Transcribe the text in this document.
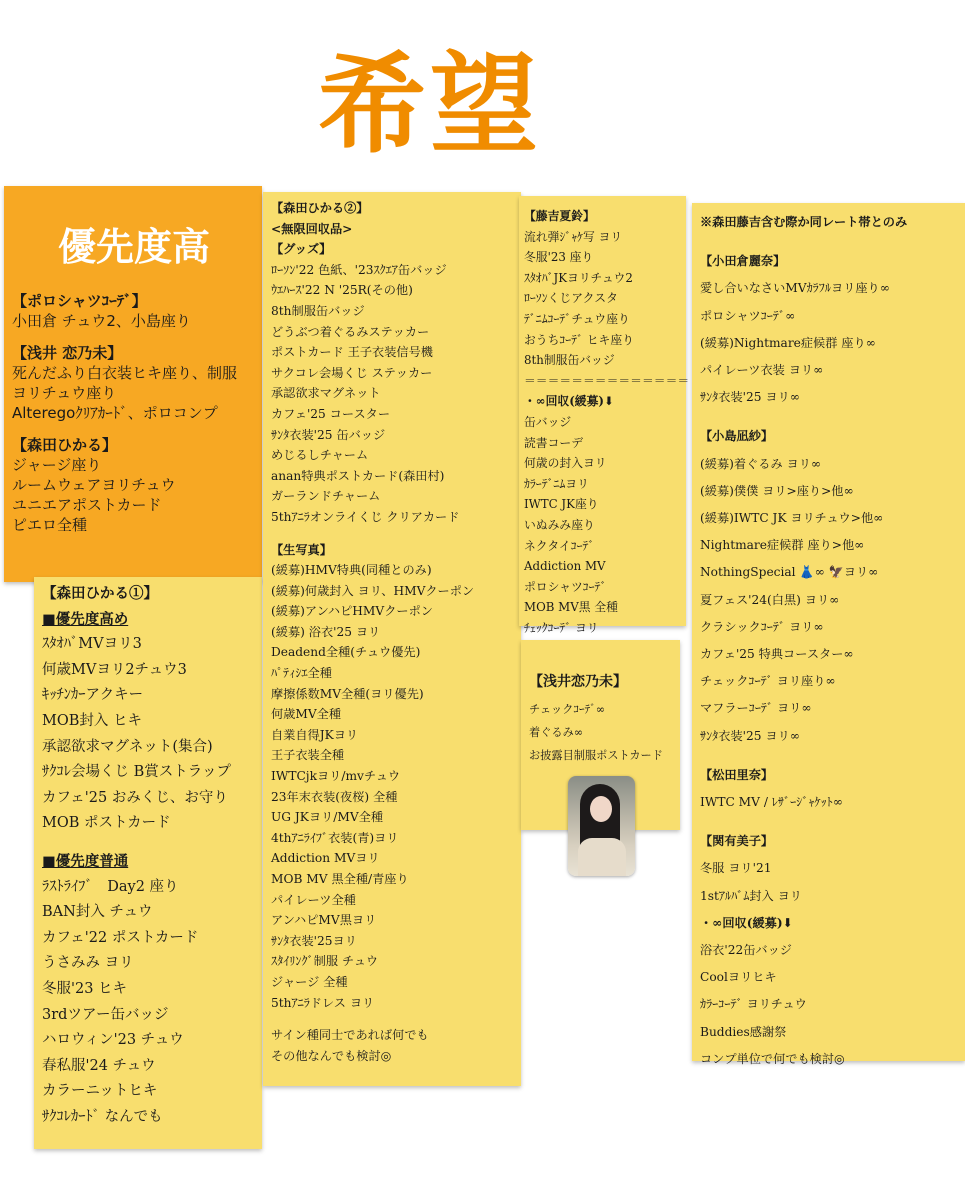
希望
優先度高
【ポロシャツｺｰﾃﾞ】
小田倉 チュウ2、小島座り
【浅井 恋乃未】
死んだふり白衣装ヒキ座り、制服
ヨリチュウ座り
Alteregoｸﾘｱｶｰﾄﾞ、ポロコンプ
【森田ひかる】
ジャージ座り
ルームウェアヨリチュウ
ユニエアポストカード
ピエロ全種
【森田ひかる①】
■優先度高め
ｽﾀｵﾊﾞMVヨリ3
何歳MVヨリ2チュウ3
ｷｯﾁﾝｶｰアクキー
MOB封入 ヒキ
承認欲求マグネット(集合)
ｻｸｺﾚ会場くじ B賞ストラップ
カフェ'25 おみくじ、お守り
MOB ポストカード
■優先度普通
ﾗｽﾄﾗｲﾌﾞ　Day2 座り
BAN封入 チュウ
カフェ'22 ポストカード
うさみみ ヨリ
冬服'23 ヒキ
3rdツアー缶バッジ
ハロウィン'23 チュウ
春私服'24 チュウ
カラーニットヒキ
ｻｸｺﾚｶｰﾄﾞ なんでも
【森田ひかる②】
<無限回収品>
【グッズ】
ﾛｰｿﾝ'22 色紙、'23ｽｸｴｱ缶バッジ
ｳｴﾊｰｽ'22 N '25R(その他)
8th制服缶バッジ
どうぶつ着ぐるみステッカー
ポストカード 王子衣装信号機
サクコレ会場くじ ステッカー
承認欲求マグネット
カフェ'25 コースター
ｻﾝﾀ衣装'25 缶バッジ
めじるしチャーム
anan特典ポストカード(森田村)
ガーランドチャーム
5thｱﾆﾗオンライくじ クリアカード
【生写真】
(緩募)HMV特典(同種とのみ)
(緩募)何歳封入 ヨリ、HMVクーポン
(緩募)アンハピHMVクーポン
(緩募) 浴衣'25 ヨリ
Deadend全種(チュウ優先)
ﾊﾟﾃｨｼｴ全種
摩擦係数MV全種(ヨリ優先)
何歳MV全種
自業自得JKヨリ
王子衣装全種
IWTCjkヨリ/mvチュウ
23年末衣装(夜桜) 全種
UG JKヨリ/MV全種
4thｱﾆﾗｲﾌﾞ衣装(青)ヨリ
Addiction MVヨリ
MOB MV 黒全種/青座り
パイレーツ全種
アンハピMV黒ヨリ
ｻﾝﾀ衣装'25ヨリ
ｽﾀｲﾘﾝｸﾞ制服 チュウ
ジャージ 全種
5thｱﾆﾗドレス ヨリ
サイン種同士であれば何でも
その他なんでも検討◎
【藤吉夏鈴】
流れ弾ｼﾞｬｹ写 ヨリ
冬服'23 座り
ｽﾀｵﾊﾞJKヨリチュウ2
ﾛｰｿﾝくじアクスタ
ﾃﾞﾆﾑｺｰﾃﾞチュウ座り
おうちｺｰﾃﾞ ヒキ座り
8th制服缶バッジ
＝＝＝＝＝＝＝＝＝＝＝＝＝＝
・∞回収(緩募)⬇
缶バッジ
読書コーデ
何歳の封入ヨリ
ｶﾗｰﾃﾞﾆﾑヨリ
IWTC JK座り
いぬみみ座り
ネクタイｺｰﾃﾞ
Addiction MV
ポロシャツｺｰﾃﾞ
MOB MV黒 全種
ﾁｪｯｸｺｰﾃﾞ ヨリ
【浅井恋乃未】
チェックｺｰﾃﾞ∞
着ぐるみ∞
お披露目制服ポストカード
※森田藤吉含む際か同レート帯とのみ
【小田倉麗奈】
愛し合いなさいMVｶﾗﾌﾙヨリ座り∞
ポロシャツｺｰﾃﾞ∞
(緩募)Nightmare症候群 座り∞
パイレーツ衣装 ヨリ∞
ｻﾝﾀ衣装'25 ヨリ∞
【小島凪紗】
(緩募)着ぐるみ ヨリ∞
(緩募)僕僕 ヨリ>座り>他∞
(緩募)IWTC JK ヨリチュウ>他∞
Nightmare症候群 座り>他∞
NothingSpecial 👗∞ 🦅ヨリ∞
夏フェス'24(白黒) ヨリ∞
クラシックｺｰﾃﾞ ヨリ∞
カフェ'25 特典コースター∞
チェックｺｰﾃﾞ ヨリ座り∞
マフラーｺｰﾃﾞ ヨリ∞
ｻﾝﾀ衣装'25 ヨリ∞
【松田里奈】
IWTC MV / ﾚｻﾞｰｼﾞｬｹｯﾄ∞
【関有美子】
冬服 ヨリ'21
1stｱﾙﾊﾞﾑ封入 ヨリ
・∞回収(緩募)⬇
浴衣'22缶バッジ
Coolヨリヒキ
ｶﾗｰｺｰﾃﾞ ヨリチュウ
Buddies感謝祭
コンプ単位で何でも検討◎
